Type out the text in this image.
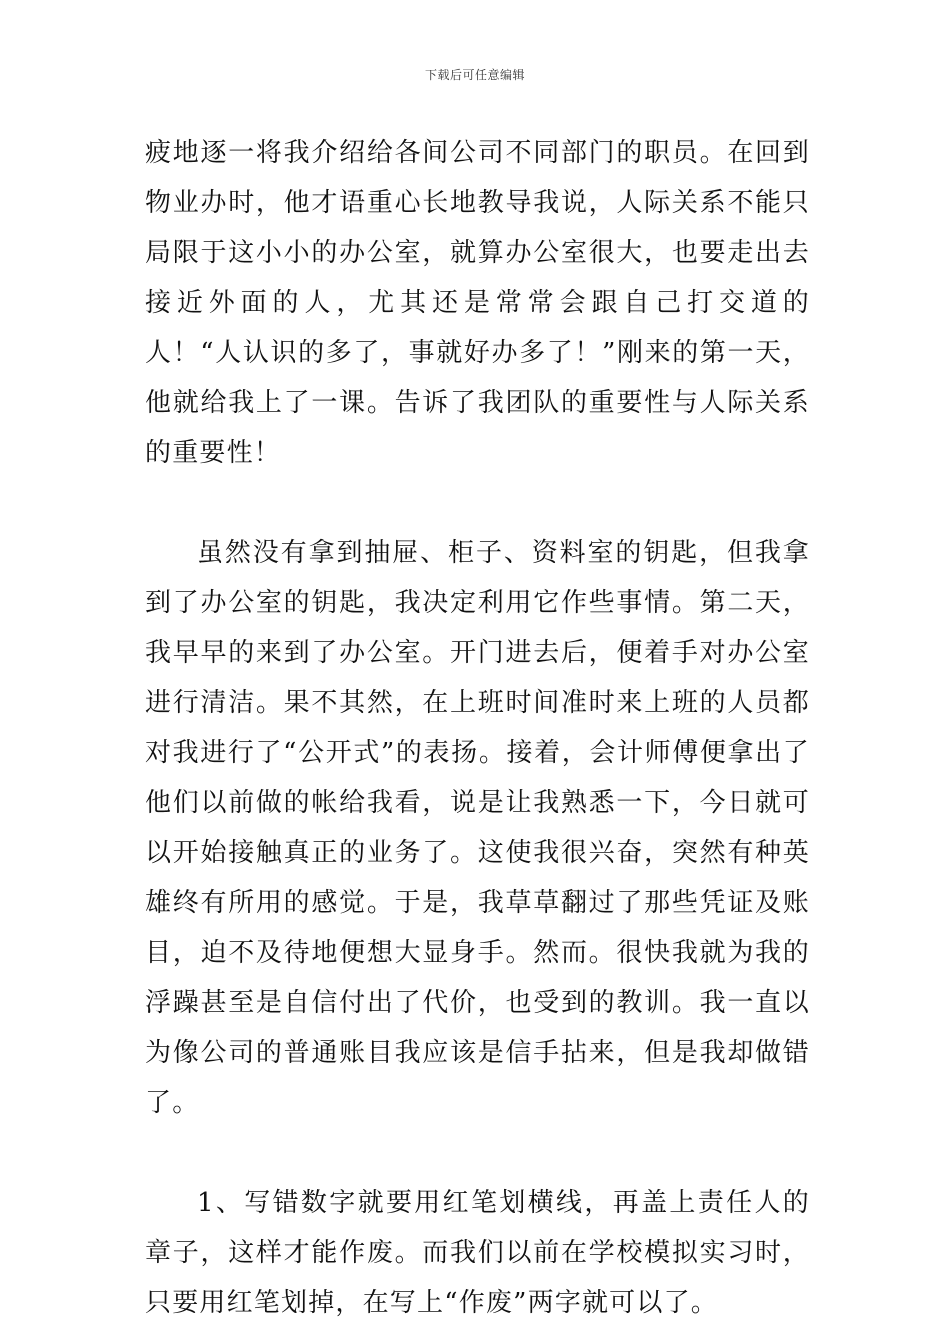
下载后可任意编辑

疲地逐一将我介绍给各间公司不同部门的职员。在回到物业办时，他才语重心长地教导我说，人际关系不能只局限于这小小的办公室，就算办公室很大，也要走出去接近外面的人，尤其还是常常会跟自己打交道的人！“人认识的多了，事就好办多了！”刚来的第一天，他就给我上了一课。告诉了我团队的重要性与人际关系的重要性！

虽然没有拿到抽屉、柜子、资料室的钥匙，但我拿到了办公室的钥匙，我决定利用它作些事情。第二天，我早早的来到了办公室。开门进去后，便着手对办公室进行清洁。果不其然，在上班时间准时来上班的人员都对我进行了“公开式”的表扬。接着，会计师傅便拿出了他们以前做的帐给我看，说是让我熟悉一下，今日就可以开始接触真正的业务了。这使我很兴奋，突然有种英雄终有所用的感觉。于是，我草草翻过了那些凭证及账目，迫不及待地便想大显身手。然而。很快我就为我的浮躁甚至是自信付出了代价，也受到的教训。我一直以为像公司的普通账目我应该是信手拈来，但是我却做错了。

1、写错数字就要用红笔划横线，再盖上责任人的章子，这样才能作废。而我们以前在学校模拟实习时，只要用红笔划掉，在写上“作废”两字就可以了。
